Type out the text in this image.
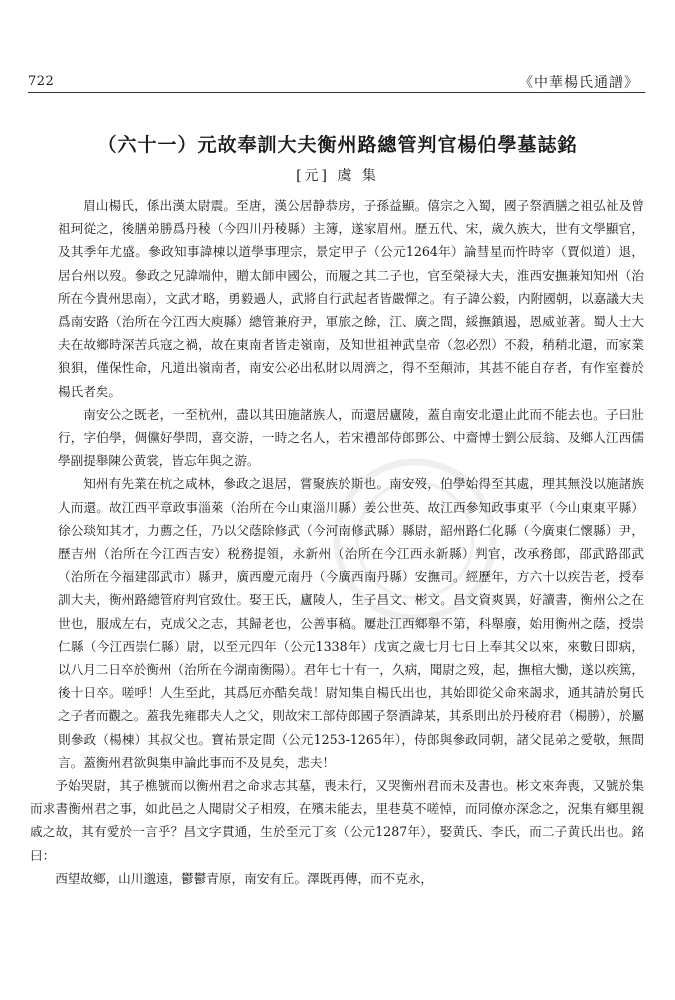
722	《中華楊氏通譜》
（六十一）元故奉訓大夫衡州路總管判官楊伯學墓誌銘
[元] 虞 集

眉山楊氏，係出漢太尉震。至唐，漢公居静恭房，子孫益顯。僖宗之入蜀，國子祭酒膳之祖弘祉及曾祖珂從之，後膳弟勝爲丹稜（今四川丹稜縣）主簿，遂家眉州。歷五代、宋，歲久族大，世有文學顯官，及其季年尤盛。參政知事諱棟以道學事理宗，景定甲子（公元1264年）論彗星而忤時宰（賈似道）退，居台州以歿。參政之兄諱端仲，贈太師申國公，而履之其二子也，官至榮禄大夫，淮西安撫兼知知州（治所在今貴州思南），文武才略，勇毅過人，武將自行武起者皆嚴憚之。有子諱公毅，内附國朝，以嘉議大夫爲南安路（治所在今江西大庾縣）總管兼府尹，軍旅之餘，江、廣之間，綏撫鎮遏，恩威並著。蜀人士大夫在故鄉時深苦兵寇之禍，故在東南者皆走嶺南，及知世祖神武皇帝（忽必烈）不殺，稍稍北還，而家業狼狽，僅保性命，凡道出嶺南者，南安公必出私財以周濟之，得不至顛沛，其甚不能自存者，有作室養於楊氏者矣。

南安公之既老，一至杭州，盡以其田施諸族人，而還居廬陵，蓋自南安北還止此而不能去也。子曰壯行，字伯學，倜儻好學問，喜交游，一時之名人，若宋禮部侍郎鄧公、中齋博士劉公辰翁、及鄉人江西儒學副提舉陳公黄裳，皆忘年與之游。

知州有先業在杭之咸林，參政之退居，嘗聚族於斯也。南安歿，伯學始得至其處，理其無没以施諸族人而還。故江西平章政事淄萊（治所在今山東淄川縣）姜公世英、故江西參知政事東平（今山東東平縣）徐公琰知其才，力薦之任，乃以父蔭除修武（今河南修武縣）縣尉，韶州路仁化縣（今廣東仁懷縣）尹，歷吉州（治所在今江西吉安）税務提領，永新州（治所在今江西永新縣）判官，改承務郎，邵武路邵武（治所在今福建邵武市）縣尹，廣西慶元南丹（今廣西南丹縣）安撫司。經歷年，方六十以疾告老，授奉訓大夫，衡州路總管府判官致仕。娶王氏，廬陵人，生子昌文、彬文。昌文資爽異，好讀書，衡州公之在世也，服成左右，克成父之志，其歸老也，公善事稿。屢赴江西鄉舉不第，科舉廢，始用衡州之蔭，授崇仁縣（今江西崇仁縣）尉，以至元四年（公元1338年）戊寅之歲七月七日上奉其父以來，來數日即病，以八月二日卒於衡州（治所在今湖南衡陽）。君年七十有一，久病，聞尉之歿，起，撫棺大慟，遂以疾篤，後十日卒。嗟呼！人生至此，其爲厄亦酷矣哉！尉知集自楊氏出也，其始即從父命來謁求，通其請於舅氏之子者而觀之。蓋我先雍郡夫人之父，則故宋工部侍郎國子祭酒諱某，其系則出於丹稜府君（楊勝），於屬則參政（楊棟）其叔父也。寶祐景定間（公元1253-1265年），侍郎與參政同朝，諸父昆弟之愛敬，無間言。蓋衡州君欲與集申論此事而不及見矣，悲夫！

予始哭尉，其子樵號而以衡州君之命求志其墓，喪未行，又哭衡州君而未及書也。彬文來奔喪，又號於集而求書衡州君之事，如此邑之人聞尉父子相歿，在殯未能去，里巷莫不嗟悼，而同僚亦深念之，況集有鄉里親戚之故，其有愛於一言乎？昌文字貫通，生於至元丁亥（公元1287年），娶黄氏、李氏，而二子黄氏出也。銘曰：

西望故鄉，山川邈遠，鬱鬱青原，南安有丘。澤既再傳，而不克永，
